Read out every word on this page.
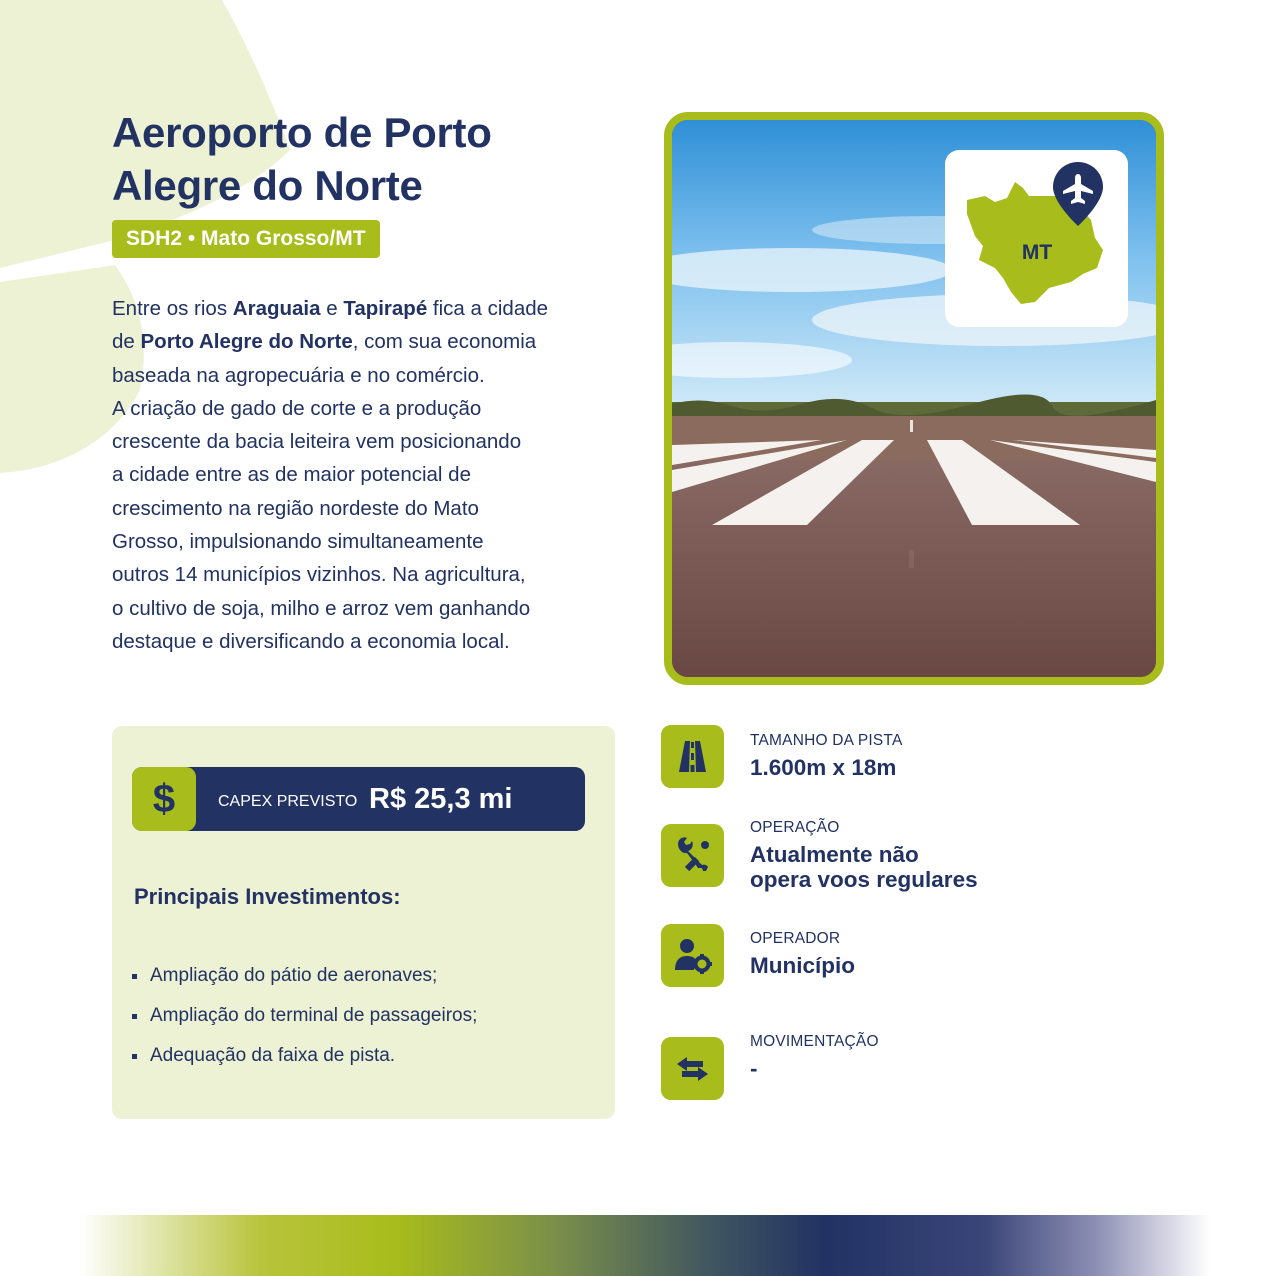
Aeroporto de Porto
Alegre do Norte
SDH2 • Mato Grosso/MT
Entre os rios Araguaia e Tapirapé fica a cidade
de Porto Alegre do Norte, com sua economia
baseada na agropecuária e no comércio.
A criação de gado de corte e a produção
crescente da bacia leiteira vem posicionando
a cidade entre as de maior potencial de
crescimento na região nordeste do Mato
Grosso, impulsionando simultaneamente
outros 14 municípios vizinhos. Na agricultura,
o cultivo de soja, milho e arroz vem ganhando
destaque e diversificando a economia local.
MT
$	CAPEX PREVISTO R$ 25,3 mi
Principais Investimentos:
Ampliação do pátio de aeronaves;
Ampliação do terminal de passageiros;
Adequação da faixa de pista.
TAMANHO DA PISTA
1.600m x 18m
OPERAÇÃO
Atualmente não
opera voos regulares
OPERADOR
Município
MOVIMENTAÇÃO
-
